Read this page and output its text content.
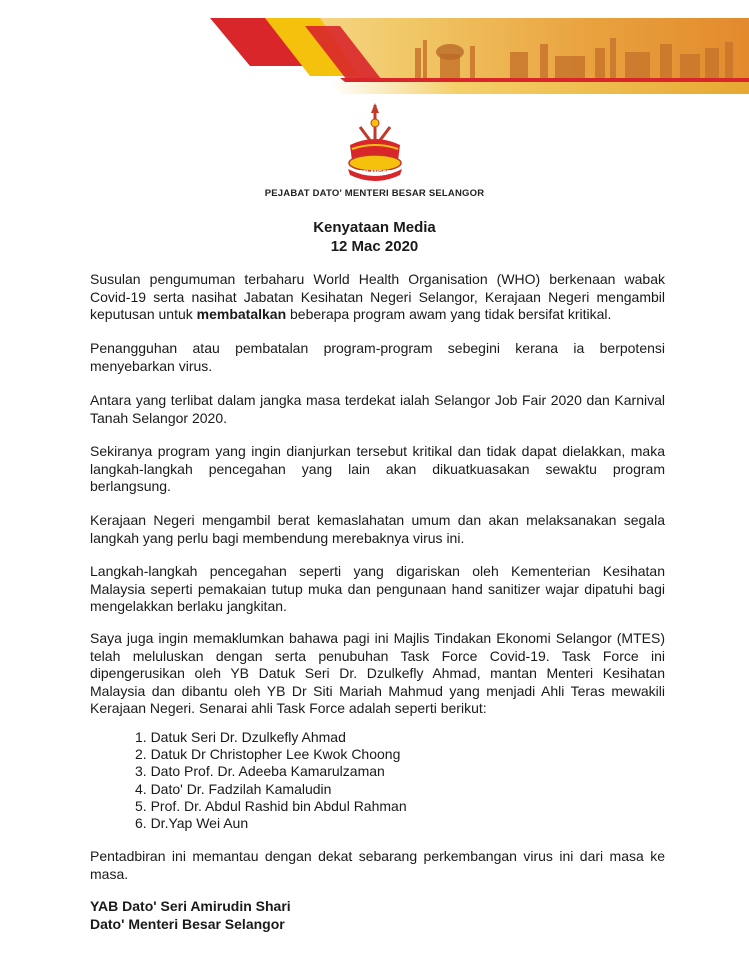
SELANGOR
PEJABAT DATO' MENTERI BESAR SELANGOR
Kenyataan Media
12 Mac 2020

Susulan pengumuman terbaharu World Health Organisation (WHO) berkenaan wabak Covid-19 serta nasihat Jabatan Kesihatan Negeri Selangor, Kerajaan Negeri mengambil keputusan untuk membatalkan beberapa program awam yang tidak bersifat kritikal.

Penangguhan atau pembatalan program-program sebegini kerana ia berpotensi menyebarkan virus.

Antara yang terlibat dalam jangka masa terdekat ialah Selangor Job Fair 2020 dan Karnival Tanah Selangor 2020.

Sekiranya program yang ingin dianjurkan tersebut kritikal dan tidak dapat dielakkan, maka langkah-langkah pencegahan yang lain akan dikuatkuasakan sewaktu program berlangsung.

Kerajaan Negeri mengambil berat kemaslahatan umum dan akan melaksanakan segala langkah yang perlu bagi membendung merebaknya virus ini.

Langkah-langkah pencegahan seperti yang digariskan oleh Kementerian Kesihatan Malaysia seperti pemakaian tutup muka dan pengunaan hand sanitizer wajar dipatuhi bagi mengelakkan berlaku jangkitan.

Saya juga ingin memaklumkan bahawa pagi ini Majlis Tindakan Ekonomi Selangor (MTES) telah meluluskan dengan serta penubuhan Task Force Covid-19. Task Force ini dipengerusikan oleh YB Datuk Seri Dr. Dzulkefly Ahmad, mantan Menteri Kesihatan Malaysia dan dibantu oleh YB Dr Siti Mariah Mahmud yang menjadi Ahli Teras mewakili Kerajaan Negeri. Senarai ahli Task Force adalah seperti berikut:

1. Datuk Seri Dr. Dzulkefly Ahmad
2. Datuk Dr Christopher Lee Kwok Choong
3. Dato Prof. Dr. Adeeba Kamarulzaman
4. Dato' Dr. Fadzilah Kamaludin
5. Prof. Dr. Abdul Rashid bin Abdul Rahman
6. Dr.Yap Wei Aun

Pentadbiran ini memantau dengan dekat sebarang perkembangan virus ini dari masa ke masa.

YAB Dato' Seri Amirudin Shari
Dato' Menteri Besar Selangor
